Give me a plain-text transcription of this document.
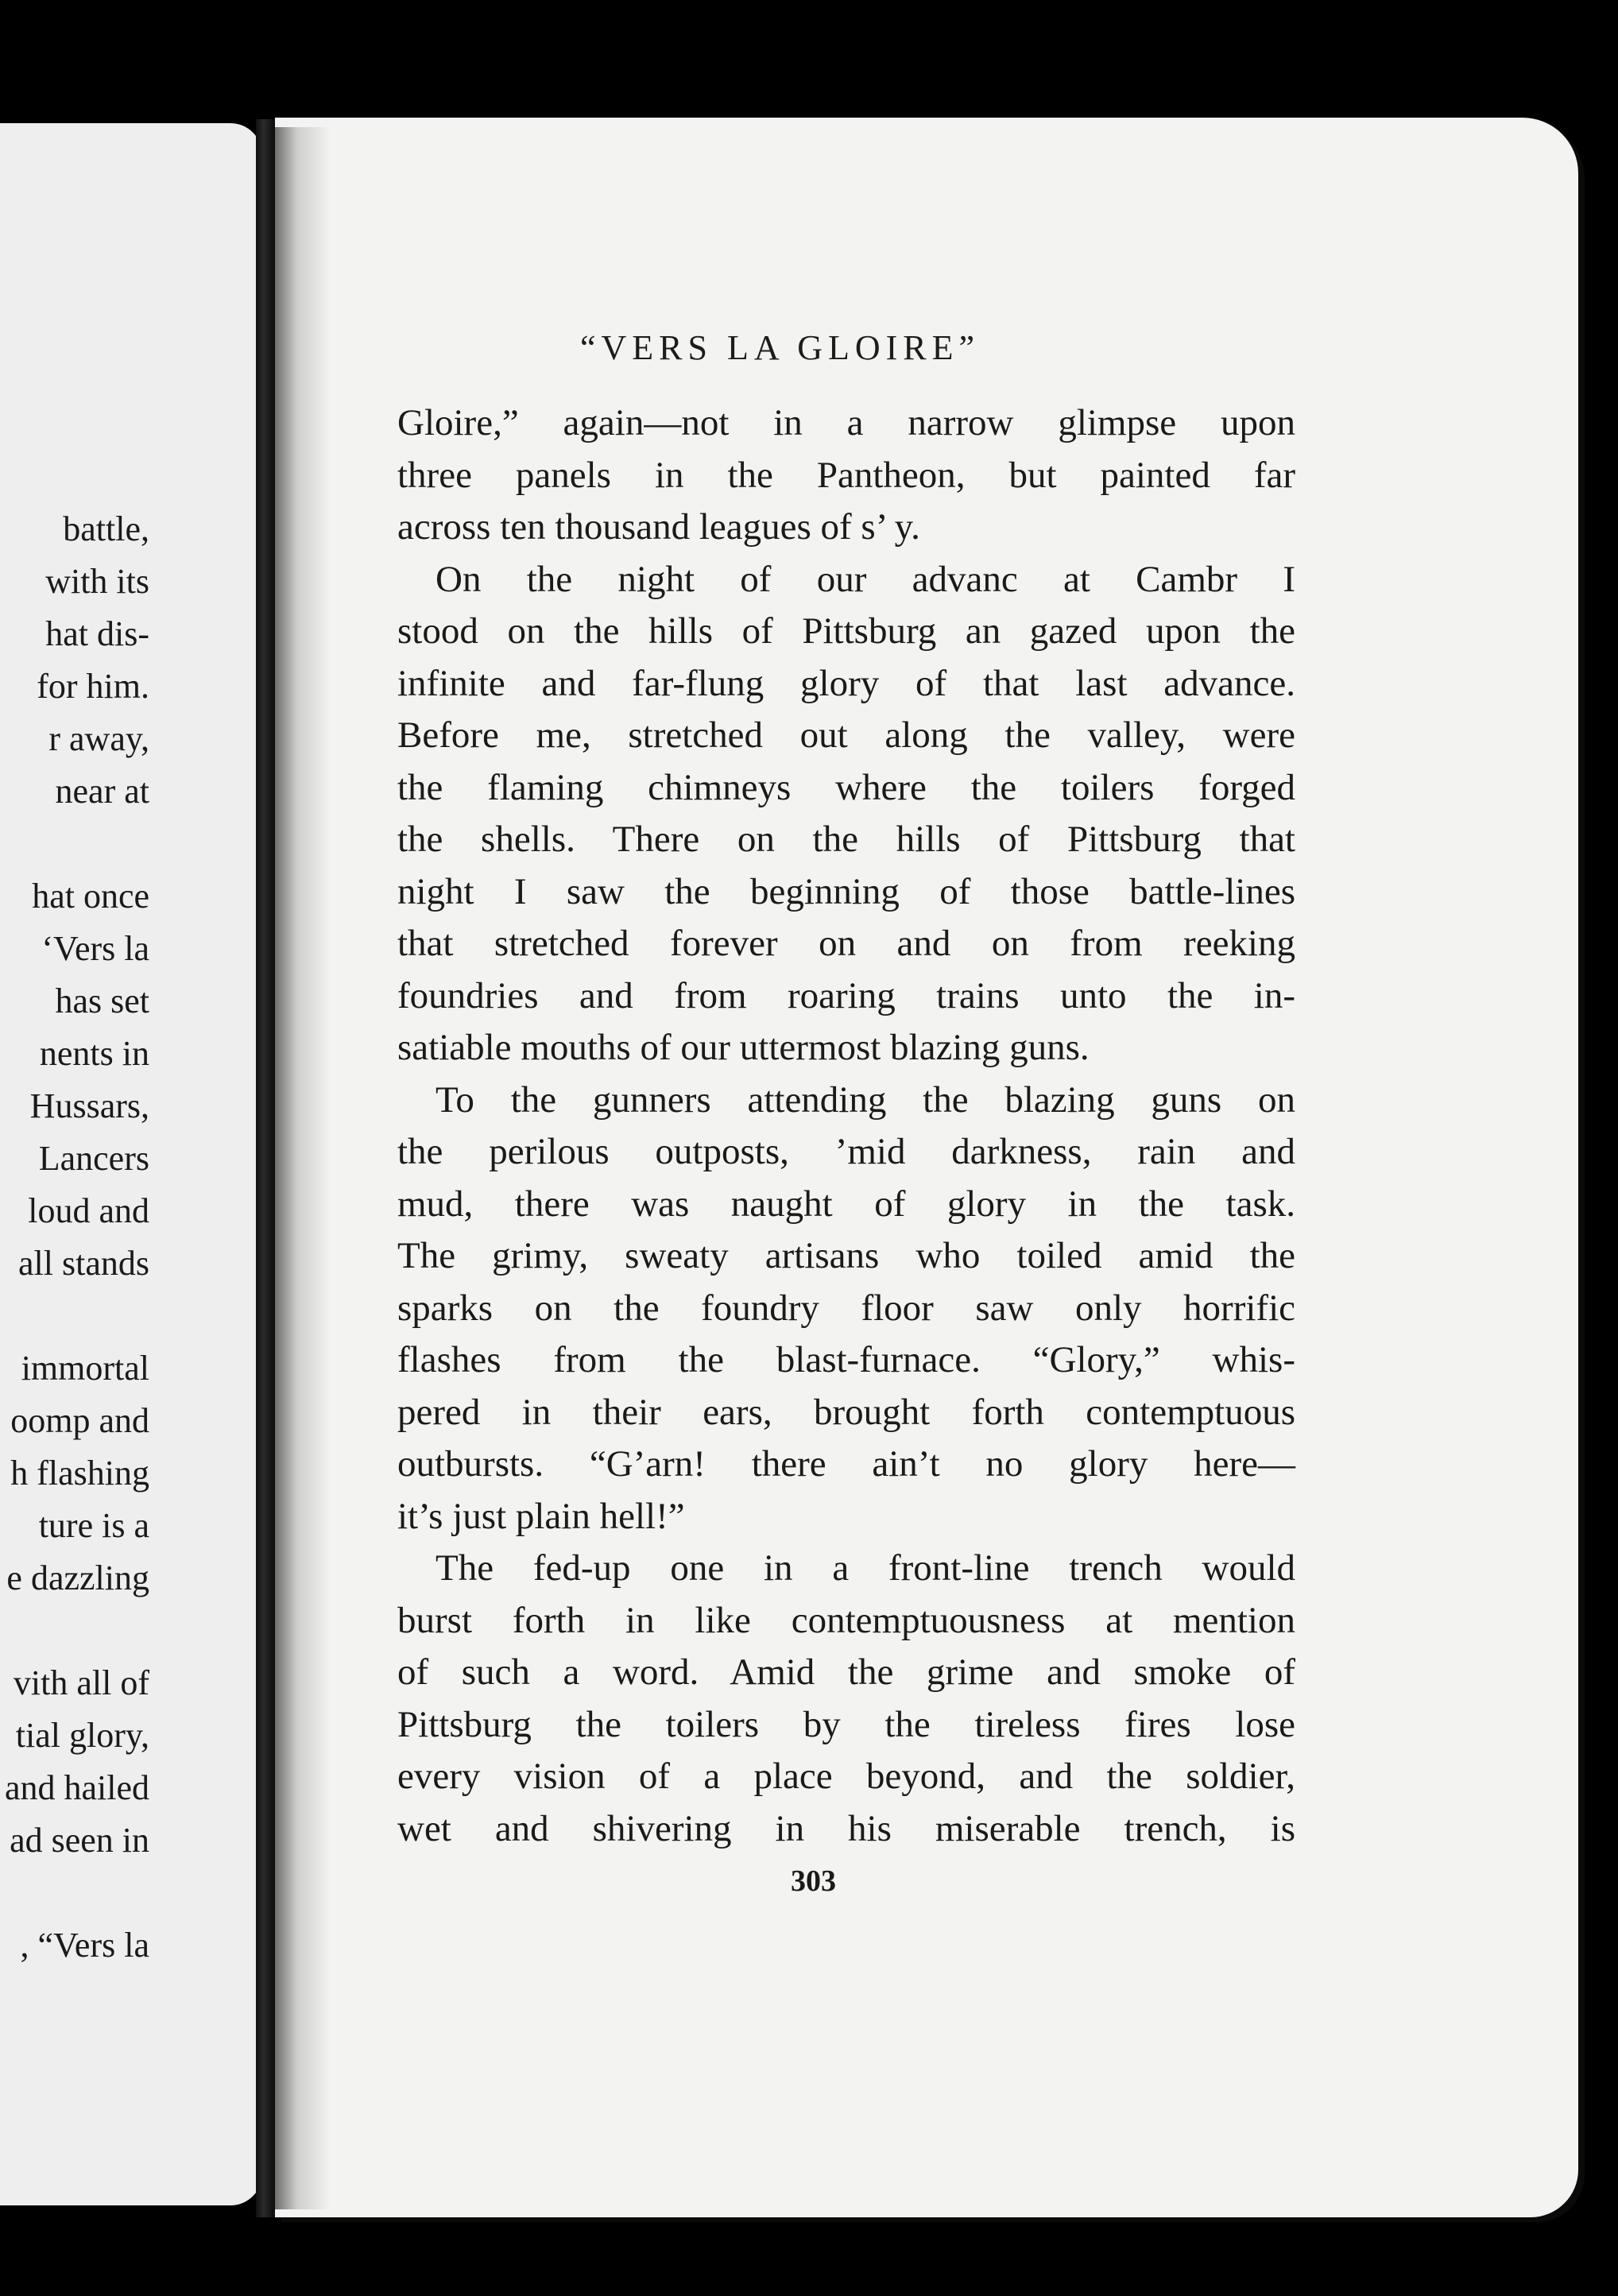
battle,
with its
hat dis-
for him.
r away,
near at
hat once
‘Vers la
has set
nents in
Hussars,
Lancers
loud and
all stands
immortal
oomp and
h flashing
ture is a
e dazzling
vith all of
tial glory,
and hailed
ad seen in
, “Vers la
“VERS LA GLOIRE”
Gloire,” again—not in a narrow glimpse upon
three panels in the Pantheon, but painted far
across ten thousand leagues of s’ y.
On the night of our advanc at Cambr I
stood on the hills of Pittsburg an gazed upon the
infinite and far-flung glory of that last advance.
Before me, stretched out along the valley, were
the flaming chimneys where the toilers forged
the shells. There on the hills of Pittsburg that
night I saw the beginning of those battle-lines
that stretched forever on and on from reeking
foundries and from roaring trains unto the in-
satiable mouths of our uttermost blazing guns.
To the gunners attending the blazing guns on
the perilous outposts, ’mid darkness, rain and
mud, there was naught of glory in the task.
The grimy, sweaty artisans who toiled amid the
sparks on the foundry floor saw only horrific
flashes from the blast-furnace. “Glory,” whis-
pered in their ears, brought forth contemptuous
outbursts. “G’arn! there ain’t no glory here—
it’s just plain hell!”
The fed-up one in a front-line trench would
burst forth in like contemptuousness at mention
of such a word. Amid the grime and smoke of
Pittsburg the toilers by the tireless fires lose
every vision of a place beyond, and the soldier,
wet and shivering in his miserable trench, is
303
